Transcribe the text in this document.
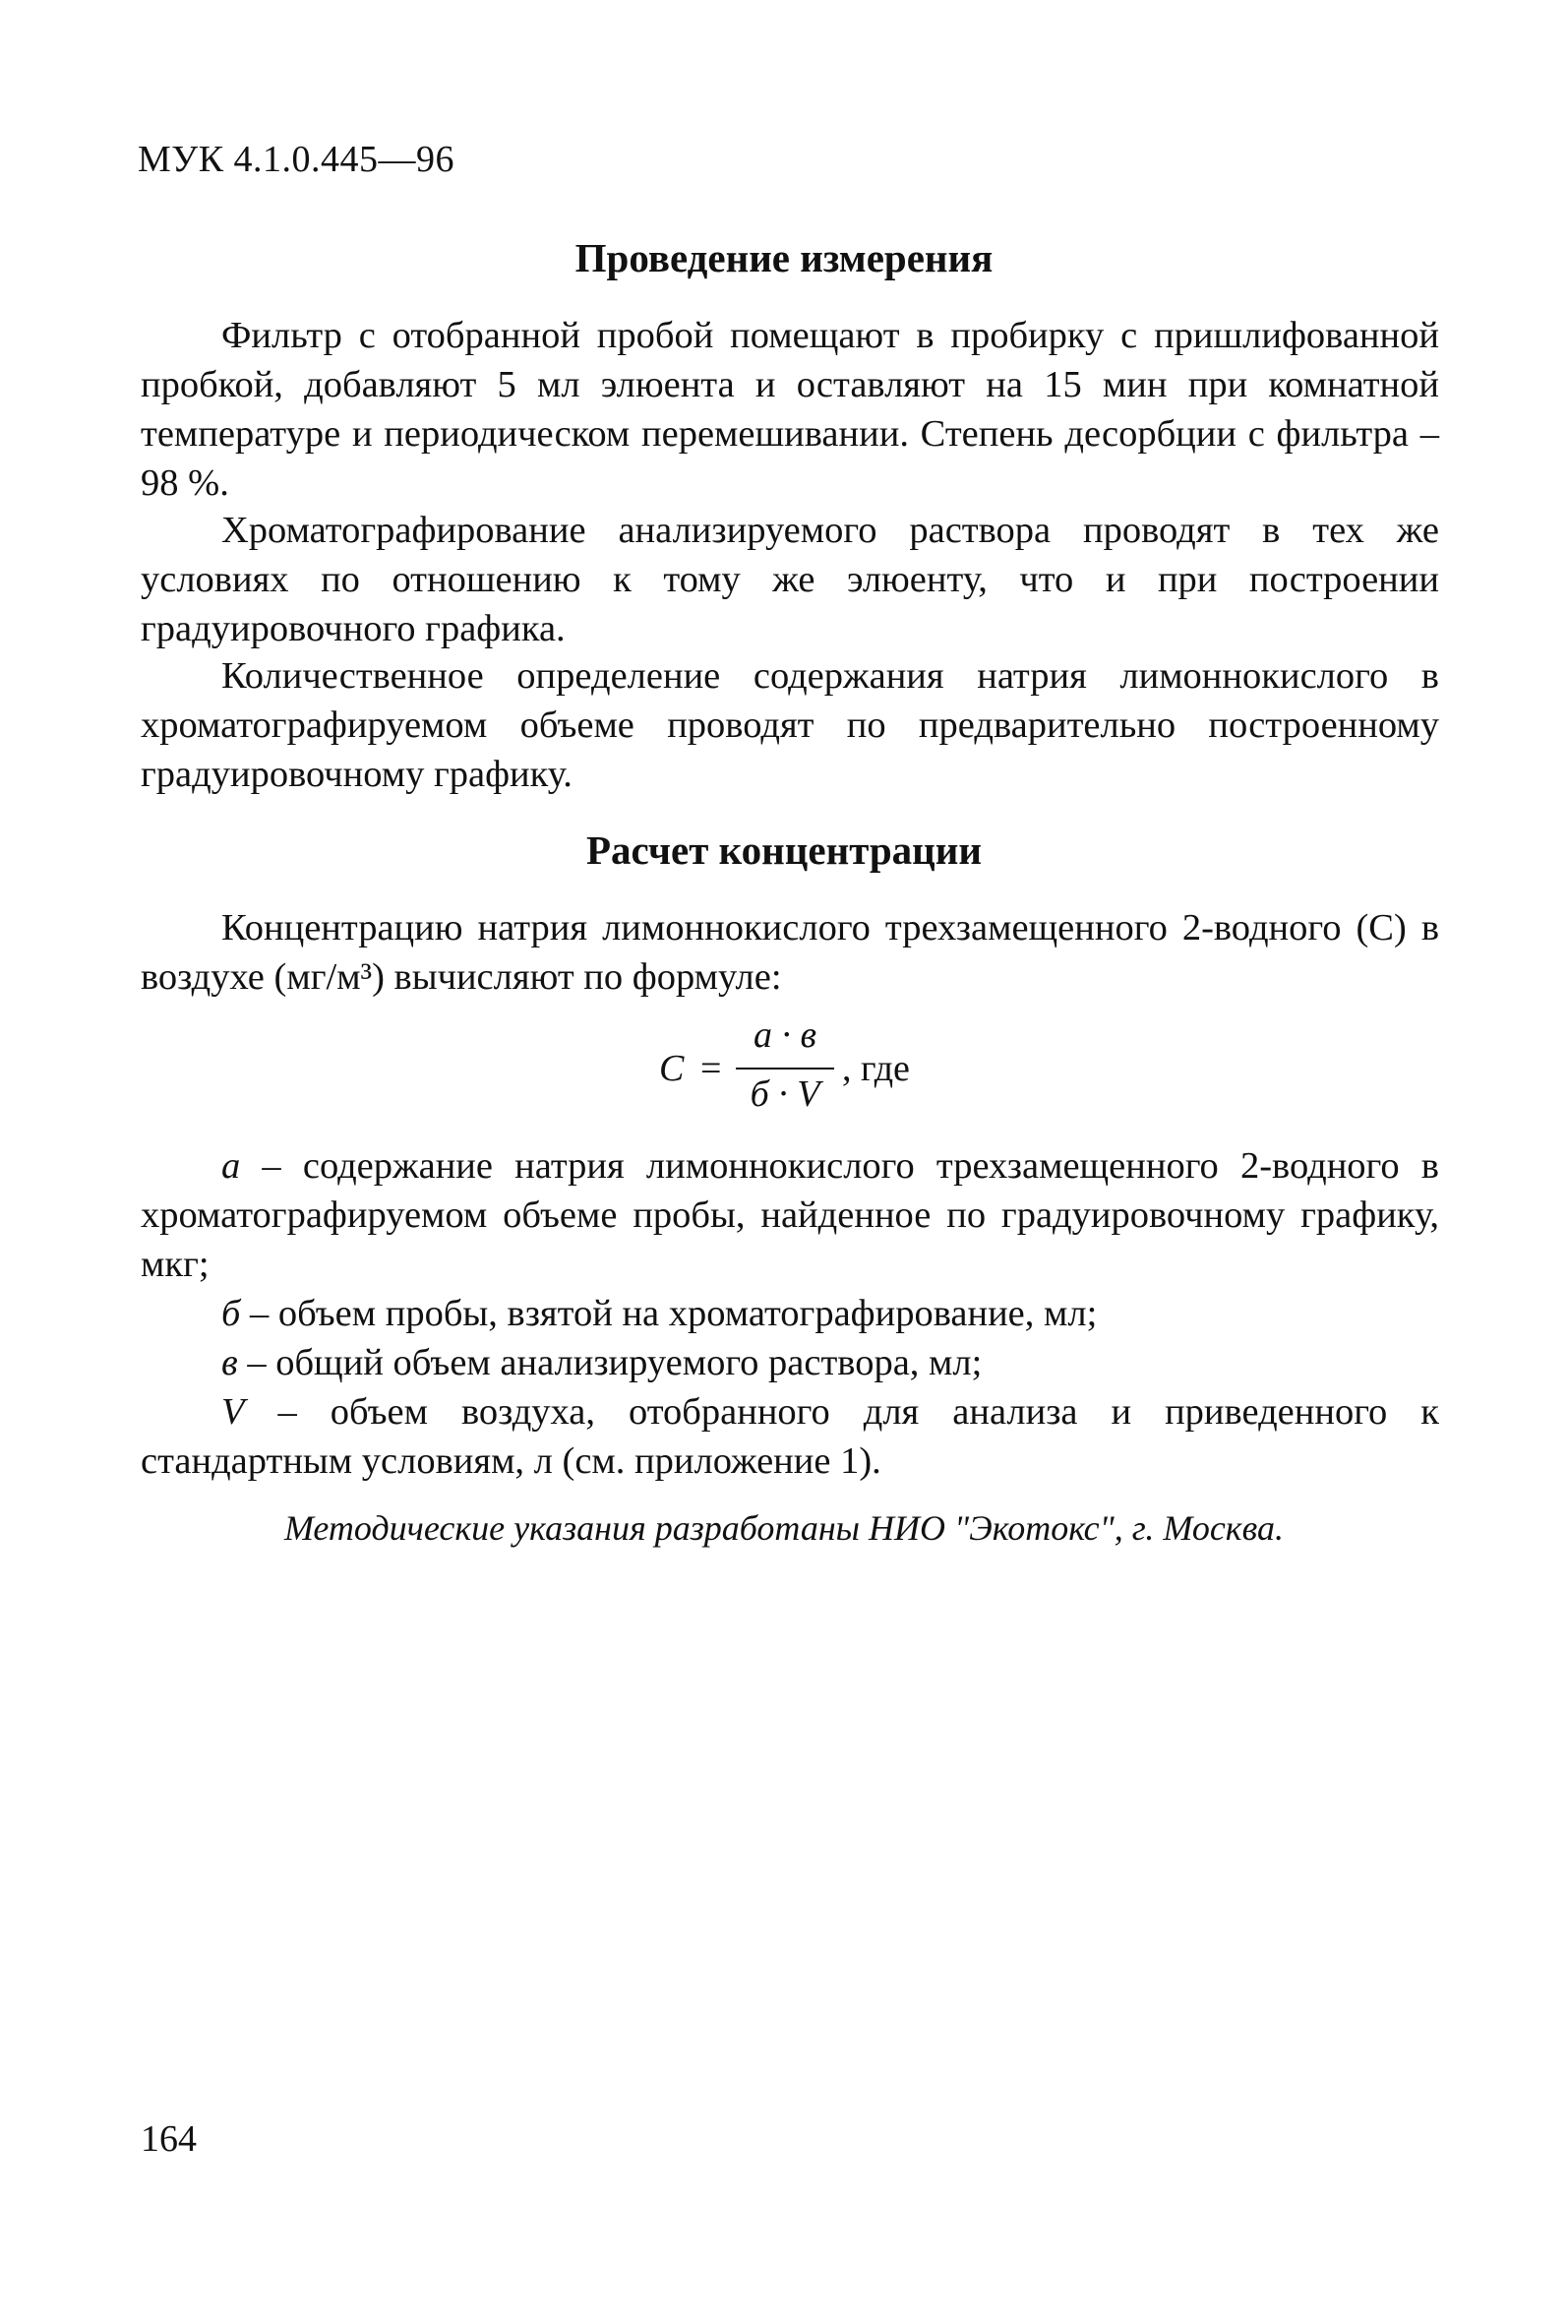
МУК 4.1.0.445—96
Проведение измерения

Фильтр с отобранной пробой помещают в пробирку с пришлифованной пробкой, добавляют 5 мл элюента и оставляют на 15 мин при комнатной температуре и периодическом перемешивании. Степень десорбции с фильтра – 98 %.

Хроматографирование анализируемого раствора проводят в тех же условиях по отношению к тому же элюенту, что и при построении градуировочного графика.

Количественное определение содержания натрия лимоннокислого в хроматографируемом объеме проводят по предварительно построенному градуировочному графику.

Расчет концентрации

Концентрацию натрия лимоннокислого трехзамещенного 2-водного (C) в воздухе (мг/м³) вычисляют по формуле:

C =
а · в
б · V
, где

а – содержание натрия лимоннокислого трехзамещенного 2-водного в хроматографируемом объеме пробы, найденное по градуировочному графику, мкг;

б – объем пробы, взятой на хроматографирование, мл;

в – общий объем анализируемого раствора, мл;

V – объем воздуха, отобранного для анализа и приведенного к стандартным условиям, л (см. приложение 1).

Методические указания разработаны НИО "Экотокс", г. Москва.
164
